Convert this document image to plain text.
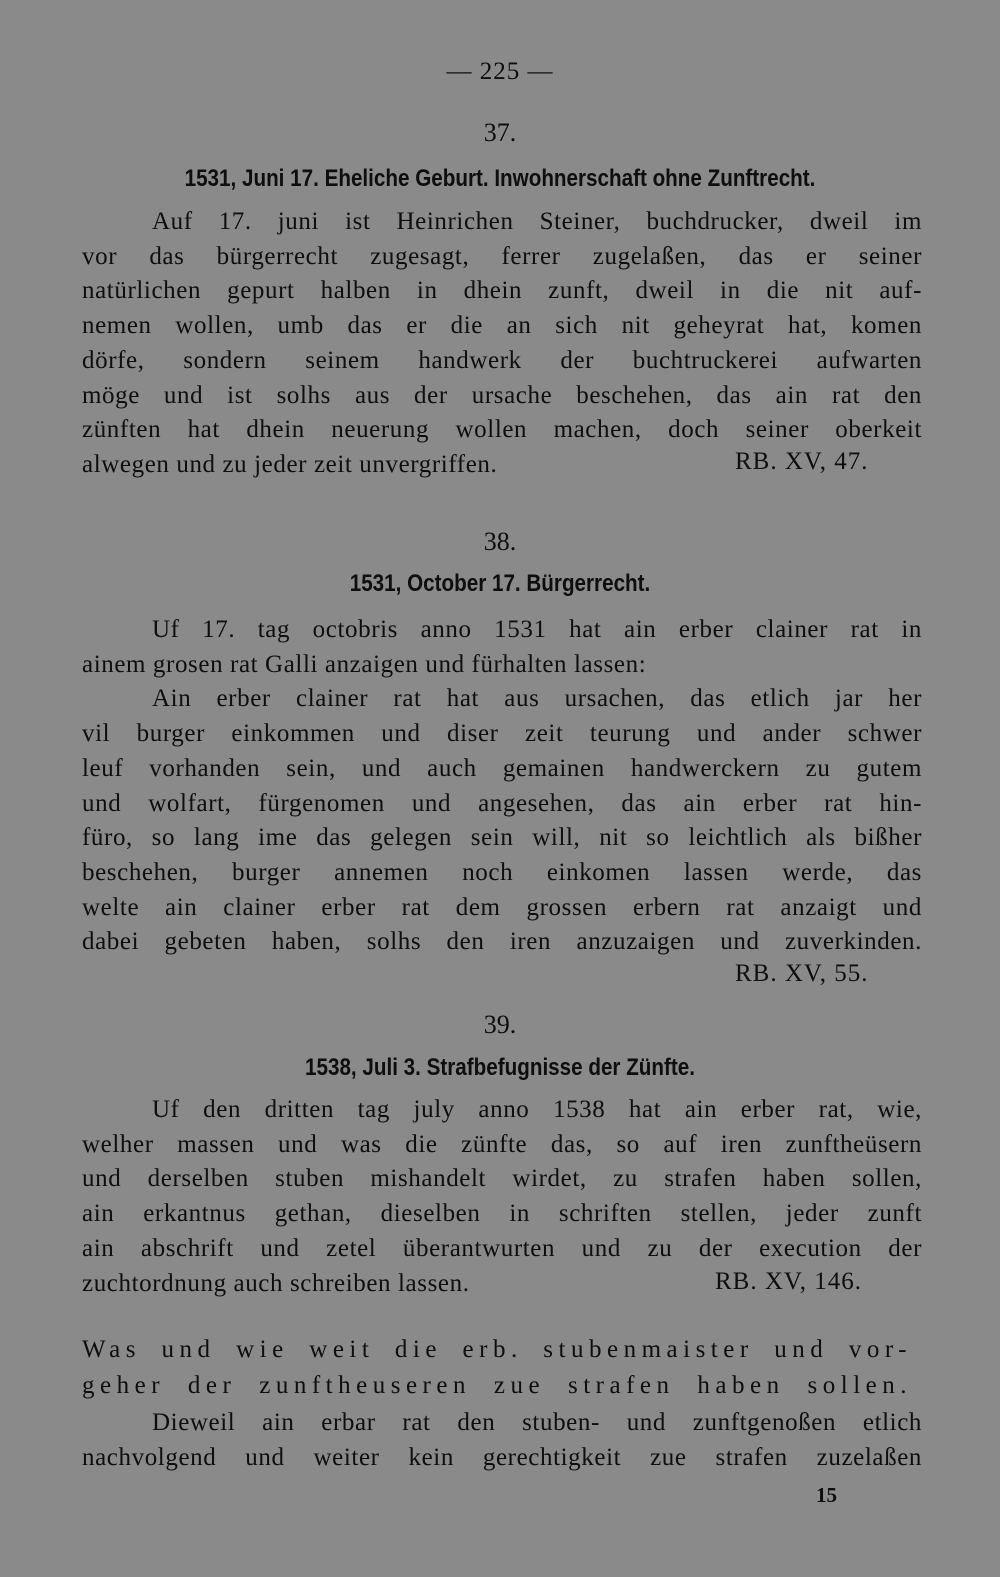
— 225 —
37.
1531, Juni 17. Eheliche Geburt. Inwohnerschaft ohne Zunftrecht.
Auf 17. juni ist Heinrichen Steiner, buchdrucker, dweil im
vor das bürgerrecht zugesagt, ferrer zugelaßen, das er seiner
natürlichen gepurt halben in dhein zunft, dweil in die nit auf-
nemen wollen, umb das er die an sich nit geheyrat hat, komen
dörfe, sondern seinem handwerk der buchtruckerei aufwarten
möge und ist solhs aus der ursache beschehen, das ain rat den
zünften hat dhein neuerung wollen machen, doch seiner oberkeit
alwegen und zu jeder zeit unvergriffen.	RB. XV, 47.
38.
1531, October 17. Bürgerrecht.
Uf 17. tag octobris anno 1531 hat ain erber clainer rat in
ainem grosen rat Galli anzaigen und fürhalten lassen:
Ain erber clainer rat hat aus ursachen, das etlich jar her
vil burger einkommen und diser zeit teurung und ander schwer
leuf vorhanden sein, und auch gemainen handwerckern zu gutem
und wolfart, fürgenomen und angesehen, das ain erber rat hin-
füro, so lang ime das gelegen sein will, nit so leichtlich als bißher
beschehen, burger annemen noch einkomen lassen werde, das
welte ain clainer erber rat dem grossen erbern rat anzaigt und
dabei gebeten haben, solhs den iren anzuzaigen und zuverkinden.
RB. XV, 55.
39.
1538, Juli 3. Strafbefugnisse der Zünfte.
Uf den dritten tag july anno 1538 hat ain erber rat, wie,
welher massen und was die zünfte das, so auf iren zunftheüsern
und derselben stuben mishandelt wirdet, zu strafen haben sollen,
ain erkantnus gethan, dieselben in schriften stellen, jeder zunft
ain abschrift und zetel überantwurten und zu der execution der
zuchtordnung auch schreiben lassen.	RB. XV, 146.
Was und wie weit die erb. stubenmaister und vor-
geher der zunftheuseren zue strafen haben sollen.
Dieweil ain erbar rat den stuben- und zunftgenoßen etlich
nachvolgend und weiter kein gerechtigkeit zue strafen zuzelaßen
15
